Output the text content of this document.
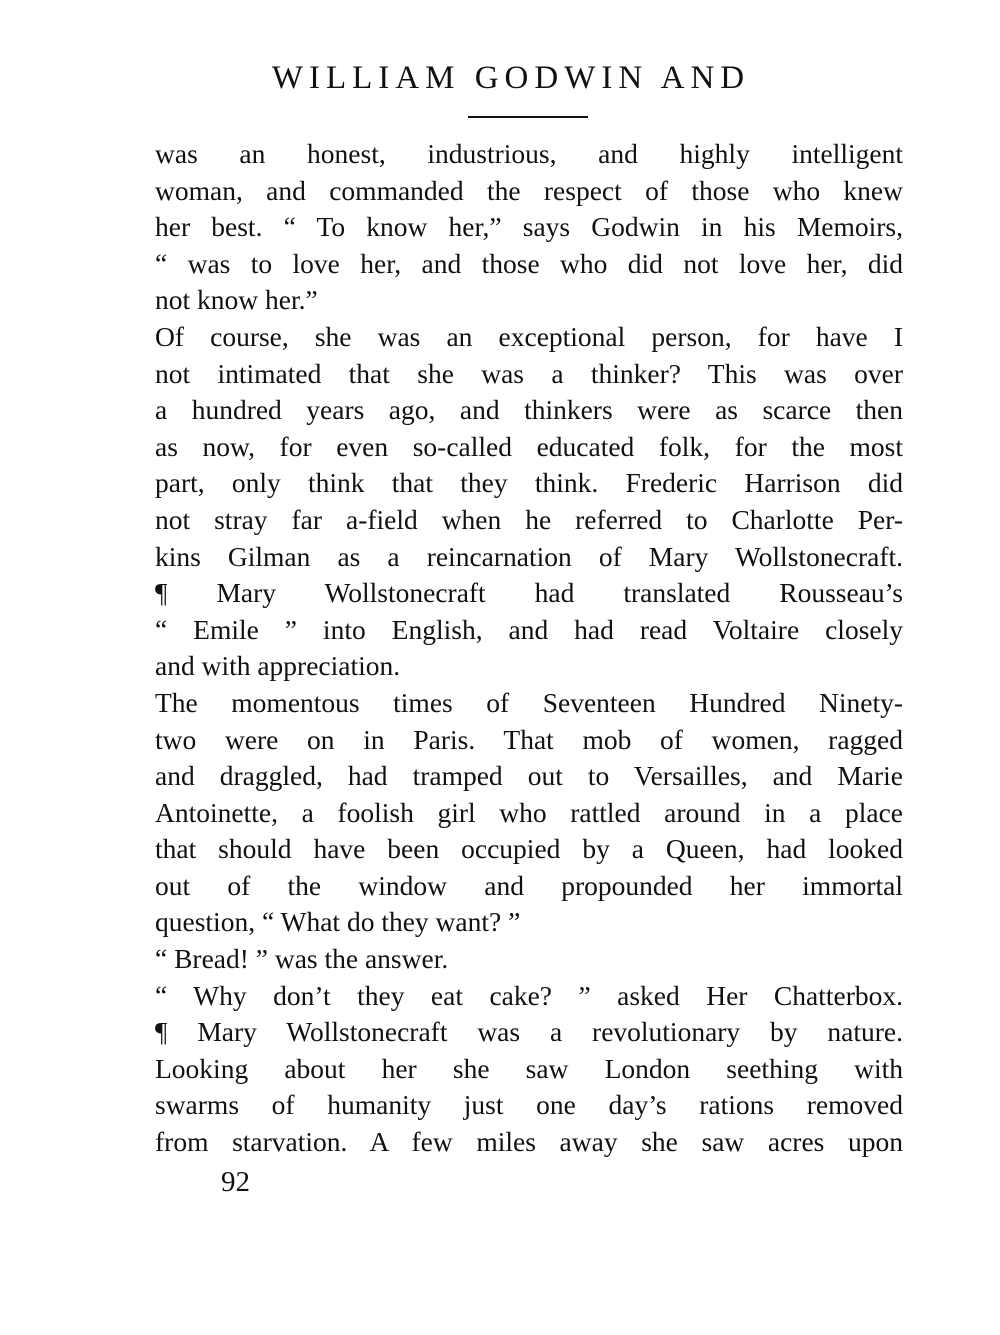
WILLIAM GODWIN AND
was an honest, industrious, and highly intelligent
woman, and commanded the respect of those who knew
her best. “ To know her,” says Godwin in his Memoirs,
“ was to love her, and those who did not love her, did
not know her.”
Of course, she was an exceptional person, for have I
not intimated that she was a thinker? This was over
a hundred years ago, and thinkers were as scarce then
as now, for even so-called educated folk, for the most
part, only think that they think. Frederic Harrison did
not stray far a-field when he referred to Charlotte Per-
kins Gilman as a reincarnation of Mary Wollstonecraft.
¶ Mary Wollstonecraft had translated Rousseau’s
“ Emile ” into English, and had read Voltaire closely
and with appreciation.
The momentous times of Seventeen Hundred Ninety-
two were on in Paris. That mob of women, ragged
and draggled, had tramped out to Versailles, and Marie
Antoinette, a foolish girl who rattled around in a place
that should have been occupied by a Queen, had looked
out of the window and propounded her immortal
question, “ What do they want? ”
“ Bread! ” was the answer.
“ Why don’t they eat cake? ” asked Her Chatterbox.
¶ Mary Wollstonecraft was a revolutionary by nature.
Looking about her she saw London seething with
swarms of humanity just one day’s rations removed
from starvation. A few miles away she saw acres upon
92
